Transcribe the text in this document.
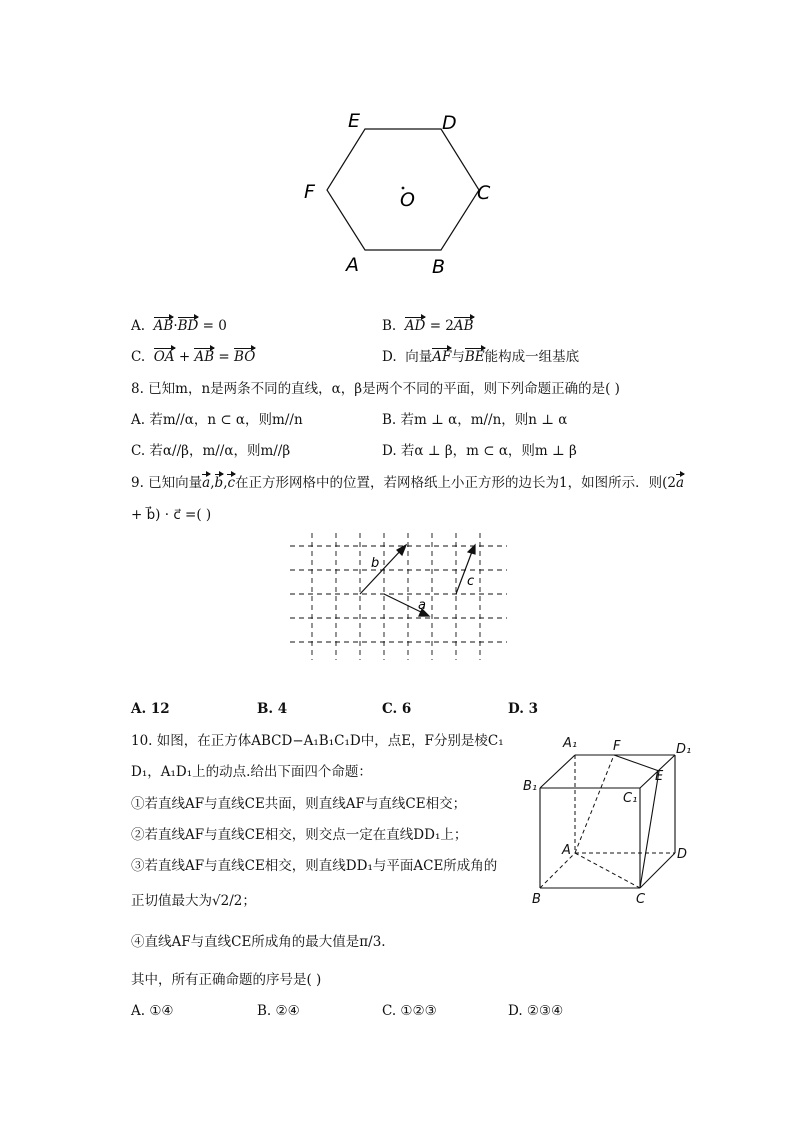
E	D
F	C
O
A	B
A. AB·BD = 0	B. AD = 2AB
C. OA + AB = BO	D. 向量AF与BE能构成一组基底
8. 已知m，n是两条不同的直线，α，β是两个不同的平面，则下列命题正确的是( )
A. 若m//α，n ⊂ α，则m//n	B. 若m ⊥ α，m//n，则n ⊥ α
C. 若α//β，m//α，则m//β	D. 若α ⊥ β，m ⊂ α，则m ⊥ β
9. 已知向量a,b,c在正方形网格中的位置，若网格纸上小正方形的边长为1，如图所示．则(2a
+ b⃗) · c⃗ =( )
b
a
c
A. 12	B. 4	C. 6	D. 3
10. 如图，在正方体ABCD−A₁B₁C₁D中，点E，F分别是棱C₁
D₁，A₁D₁上的动点.给出下面四个命题：
①若直线AF与直线CE共面，则直线AF与直线CE相交；
②若直线AF与直线CE相交，则交点一定在直线DD₁上；
③若直线AF与直线CE相交，则直线DD₁与平面ACE所成角的
正切值最大为√2/2；
④直线AF与直线CE所成角的最大值是π/3.
其中，所有正确命题的序号是( )
A. ①④	B. ②④	C. ①②③	D. ②③④
A₁	F	D₁
B₁
E
C₁
A	D
B	C
